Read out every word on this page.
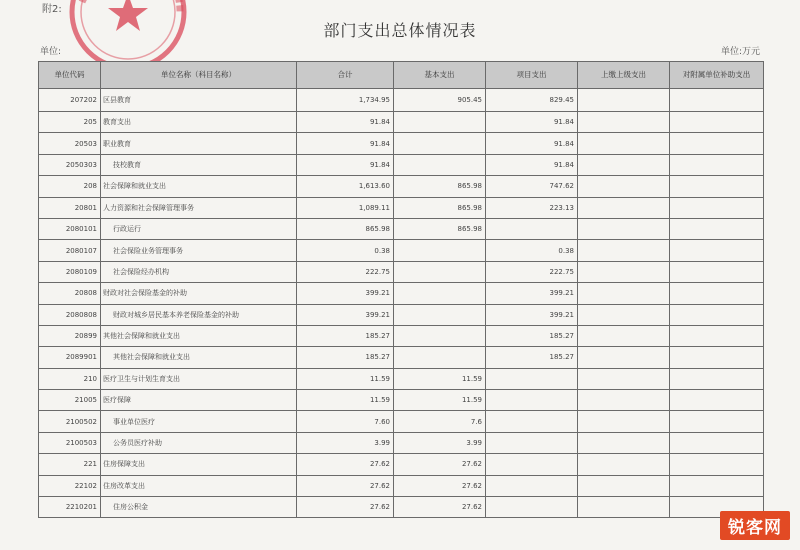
附2:
部门支出总体情况表
单位:	单位:万元
单位代码	单位名称（科目名称）	合计	基本支出	项目支出	上缴上级支出	对附属单位补助支出
207202	区县教育	1,734.95	905.45	829.45		
205	教育支出	91.84		91.84		
20503	职业教育	91.84		91.84		
2050303	技校教育	91.84		91.84		
208	社会保障和就业支出	1,613.60	865.98	747.62		
20801	人力资源和社会保障管理事务	1,089.11	865.98	223.13		
2080101	行政运行	865.98	865.98			
2080107	社会保险业务管理事务	0.38		0.38		
2080109	社会保险经办机构	222.75		222.75		
20808	财政对社会保险基金的补助	399.21		399.21		
2080808	财政对城乡居民基本养老保险基金的补助	399.21		399.21		
20899	其他社会保障和就业支出	185.27		185.27		
2089901	其他社会保障和就业支出	185.27		185.27		
210	医疗卫生与计划生育支出	11.59	11.59			
21005	医疗保障	11.59	11.59			
2100502	事业单位医疗	7.60	7.6			
2100503	公务员医疗补助	3.99	3.99			
221	住房保障支出	27.62	27.62			
22102	住房改革支出	27.62	27.62			
2210201	住房公积金	27.62	27.62			
锐客网
